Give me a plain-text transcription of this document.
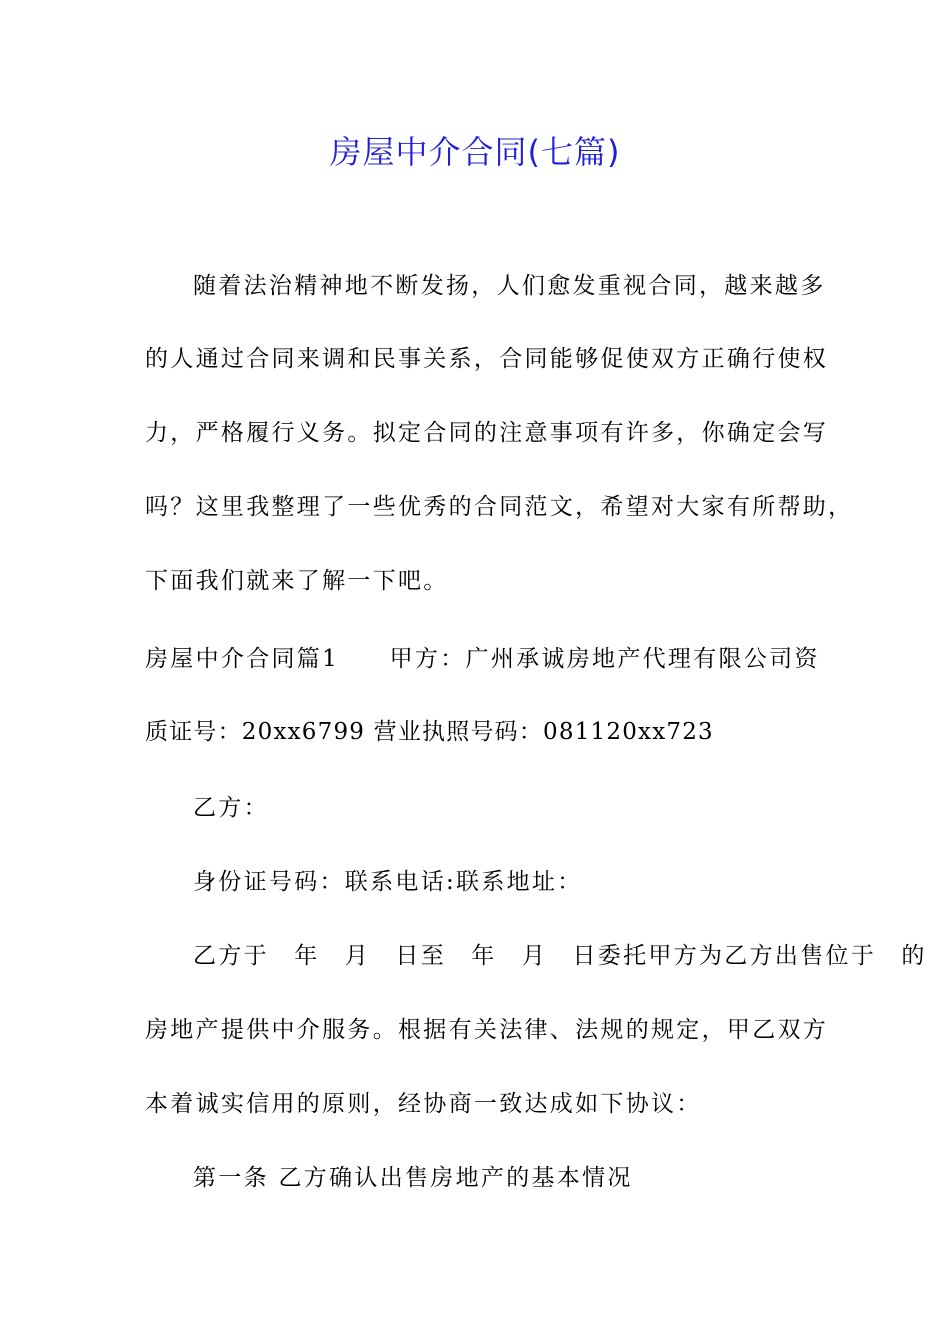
房屋中介合同(七篇)
随着法治精神地不断发扬，人们愈发重视合同，越来越多
的人通过合同来调和民事关系，合同能够促使双方正确行使权
力，严格履行义务。拟定合同的注意事项有许多，你确定会写
吗？这里我整理了一些优秀的合同范文，希望对大家有所帮助，
下面我们就来了解一下吧。
房屋中介合同篇1　　甲方：广州承诚房地产代理有限公司资
质证号：20xx6799 营业执照号码：081120xx723
乙方：
身份证号码：联系电话:联系地址：
乙方于　年　月　日至　年　月　日委托甲方为乙方出售位于　的
房地产提供中介服务。根据有关法律、法规的规定，甲乙双方
本着诚实信用的原则，经协商一致达成如下协议：
第一条 乙方确认出售房地产的基本情况
